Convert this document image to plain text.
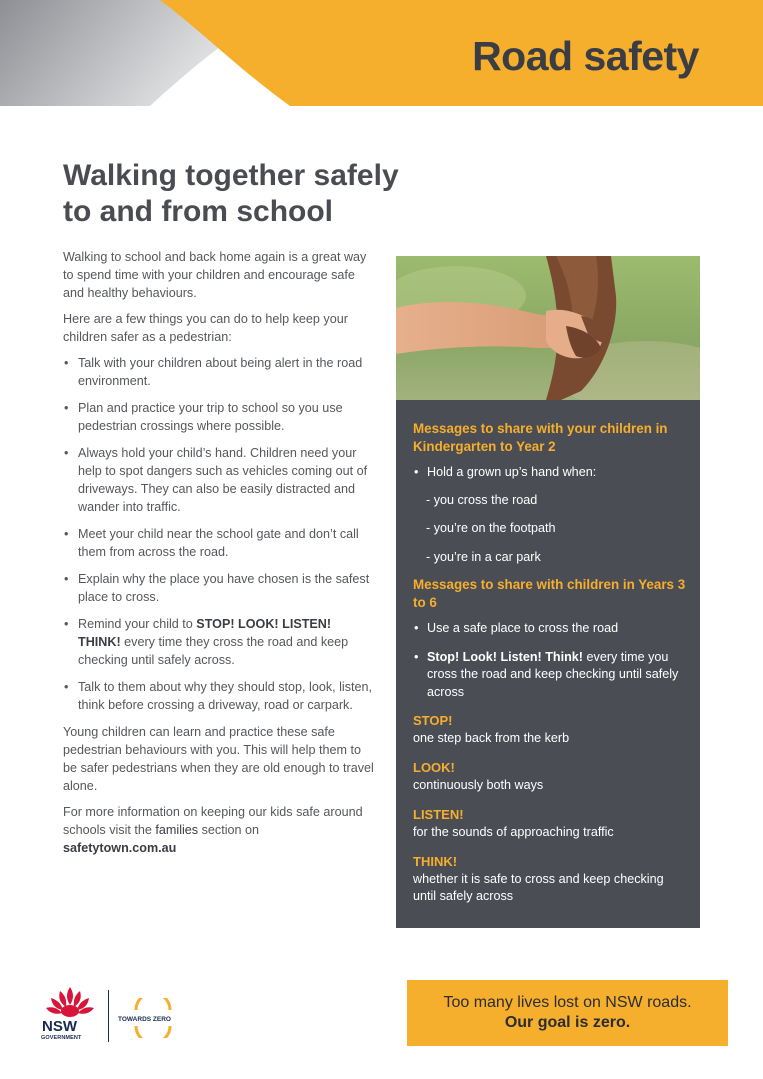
Road safety
Walking together safely
to and from school

Walking to school and back home again is a great way to spend time with your children and encourage safe and healthy behaviours.

Here are a few things you can do to help keep your children safer as a pedestrian:

• Talk with your children about being alert in the road environment.
• Plan and practice your trip to school so you use pedestrian crossings where possible.
• Always hold your child’s hand. Children need your help to spot dangers such as vehicles coming out of driveways. They can also be easily distracted and wander into traffic.
• Meet your child near the school gate and don’t call them from across the road.
• Explain why the place you have chosen is the safest place to cross.
• Remind your child to STOP! LOOK! LISTEN! THINK! every time they cross the road and keep checking until safely across.
• Talk to them about why they should stop, look, listen, think before crossing a driveway, road or carpark.

Young children can learn and practice these safe pedestrian behaviours with you. This will help them to be safer pedestrians when they are old enough to travel alone.

For more information on keeping our kids safe around schools visit the families section on
safetytown.com.au

Messages to share with your children in Kindergarten to Year 2
• Hold a grown up’s hand when:

- you cross the road

- you’re on the footpath

- you’re in a car park

Messages to share with children in Years 3 to 6
• Use a safe place to cross the road
• Stop! Look! Listen! Think! every time you cross the road and keep checking until safely across
STOP!

one step back from the kerb

LOOK!

continuously both ways

LISTEN!

for the sounds of approaching traffic

THINK!

whether it is safe to cross and keep checking until safely across

NSW

GOVERNMENT

TOWARDS ZERO

Too many lives lost on NSW roads.

Our goal is zero.
